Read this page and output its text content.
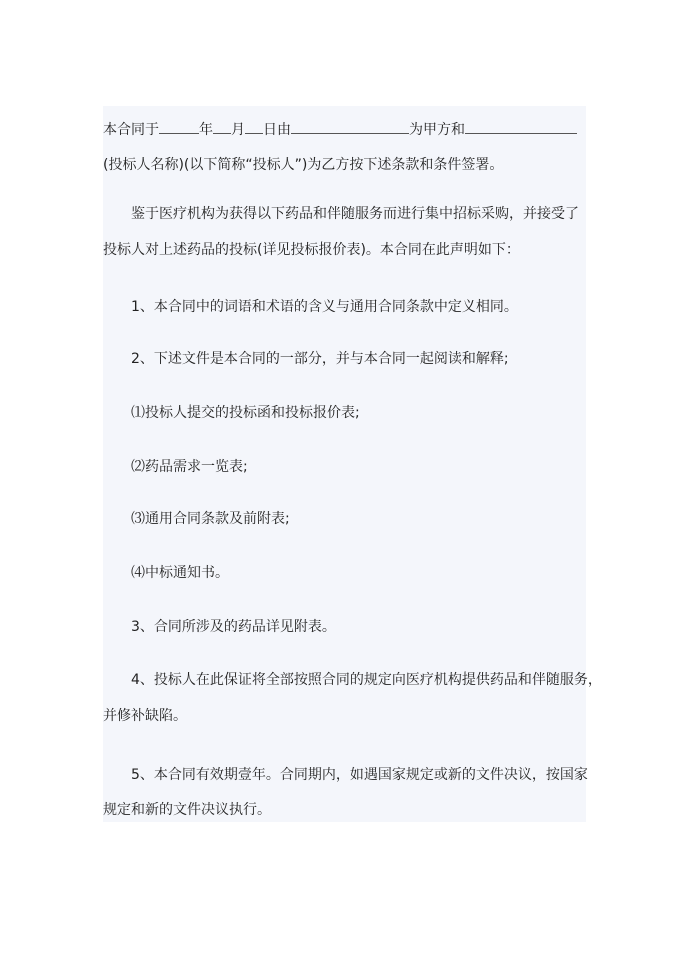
本合同于	年 月 日由	为甲方和
(投标人名称)(以下简称“投标人”)为乙方按下述条款和条件签署。
鉴于医疗机构为获得以下药品和伴随服务而进行集中招标采购，并接受了
投标人对上述药品的投标(详见投标报价表)。本合同在此声明如下：
1、本合同中的词语和术语的含义与通用合同条款中定义相同。
2、下述文件是本合同的一部分，并与本合同一起阅读和解释;
⑴投标人提交的投标函和投标报价表;
⑵药品需求一览表;
⑶通用合同条款及前附表;
⑷中标通知书。
3、合同所涉及的药品详见附表。
4、投标人在此保证将全部按照合同的规定向医疗机构提供药品和伴随服务，
并修补缺陷。
5、本合同有效期壹年。合同期内，如遇国家规定或新的文件决议，按国家
规定和新的文件决议执行。
